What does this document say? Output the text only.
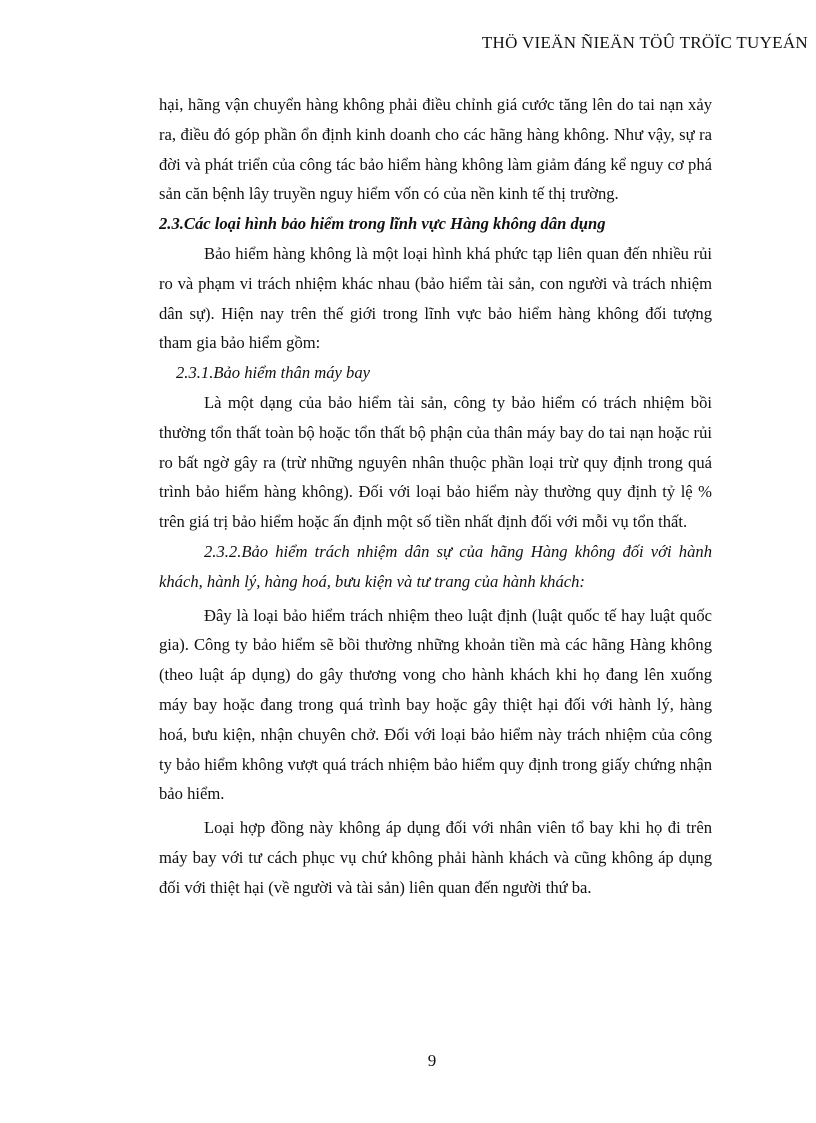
THÖ VIEÄN ÑIEÄN TÖÛ TRÖÏC TUYEÁN

hại, hãng vận chuyển hàng không phải điều chỉnh giá cước tăng lên do tai nạn xảy ra, điều đó góp phần ổn định kinh doanh cho các hãng hàng không. Như vậy, sự ra đời và phát triển của công tác bảo hiểm hàng không làm giảm đáng kể nguy cơ phá sản căn bệnh lây truyền nguy hiểm vốn có của nền kinh tế thị trường.

2.3.Các loại hình bảo hiểm trong lĩnh vực Hàng không dân dụng

Bảo hiểm hàng không là một loại hình khá phức tạp liên quan đến nhiều rủi ro và phạm vi trách nhiệm khác nhau (bảo hiểm tài sản, con người và trách nhiệm dân sự). Hiện nay trên thế giới trong lĩnh vực bảo hiểm hàng không đối tượng tham gia bảo hiểm gồm:

2.3.1.Bảo hiểm thân máy bay

Là một dạng của bảo hiểm tài sản, công ty bảo hiểm có trách nhiệm bồi thường tổn thất toàn bộ hoặc tổn thất bộ phận của thân máy bay do tai nạn hoặc rủi ro bất ngờ gây ra (trừ những nguyên nhân thuộc phần loại trừ quy định trong quá trình bảo hiểm hàng không). Đối với loại bảo hiểm này thường quy định tỷ lệ % trên giá trị bảo hiểm hoặc ấn định một số tiền nhất định đối với mỗi vụ tổn thất.

2.3.2.Bảo hiểm trách nhiệm dân sự của hãng Hàng không đối với hành khách, hành lý, hàng hoá, bưu kiện và tư trang của hành khách:

Đây là loại bảo hiểm trách nhiệm theo luật định (luật quốc tế hay luật quốc gia). Công ty bảo hiểm sẽ bồi thường những khoản tiền mà các hãng Hàng không (theo luật áp dụng) do gây thương vong cho hành khách khi họ đang lên xuống máy bay hoặc đang trong quá trình bay hoặc gây thiệt hại đối với hành lý, hàng hoá, bưu kiện, nhận chuyên chở. Đối với loại bảo hiểm này trách nhiệm của công ty bảo hiểm không vượt quá trách nhiệm bảo hiểm quy định trong giấy chứng nhận bảo hiểm.

Loại hợp đồng này không áp dụng đối với nhân viên tổ bay khi họ đi trên máy bay với tư cách phục vụ chứ không phải hành khách và cũng không áp dụng đối với thiệt hại (về người và tài sản) liên quan đến người thứ ba.

9
